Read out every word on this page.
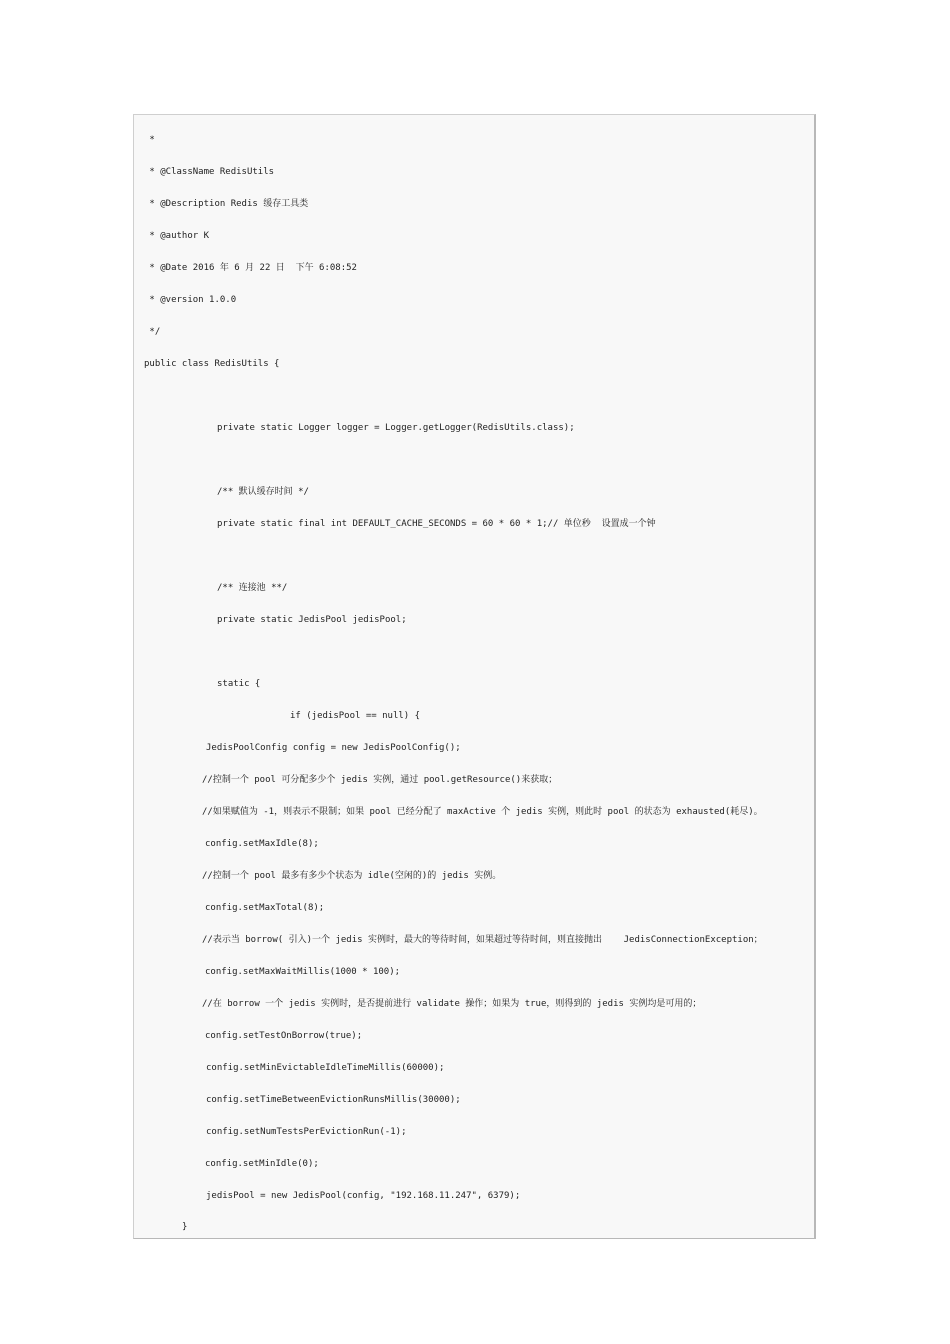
*
* @ClassName RedisUtils
* @Description Redis 缓存工具类
* @author K
* @Date 2016 年 6 月 22 日  下午 6:08:52
* @version 1.0.0
*/
public class RedisUtils {
private static Logger logger = Logger.getLogger(RedisUtils.class);
/** 默认缓存时间 */
private static final int DEFAULT_CACHE_SECONDS = 60 * 60 * 1;// 单位秒  设置成一个钟
/** 连接池 **/
private static JedisPool jedisPool;
static {
if (jedisPool == null) {
JedisPoolConfig config = new JedisPoolConfig();
//控制一个 pool 可分配多少个 jedis 实例，通过 pool.getResource()来获取；
//如果赋值为 -1，则表示不限制；如果 pool 已经分配了 maxActive 个 jedis 实例，则此时 pool 的状态为 exhausted(耗尽)。
config.setMaxIdle(8);
//控制一个 pool 最多有多少个状态为 idle(空闲的)的 jedis 实例。
config.setMaxTotal(8);
//表示当 borrow( 引入)一个 jedis 实例时，最大的等待时间，如果超过等待时间，则直接抛出    JedisConnectionException；
config.setMaxWaitMillis(1000 * 100);
//在 borrow 一个 jedis 实例时，是否提前进行 validate 操作；如果为 true，则得到的 jedis 实例均是可用的；
config.setTestOnBorrow(true);
config.setMinEvictableIdleTimeMillis(60000);
config.setTimeBetweenEvictionRunsMillis(30000);
config.setNumTestsPerEvictionRun(-1);
config.setMinIdle(0);
jedisPool = new JedisPool(config, "192.168.11.247", 6379);
}
